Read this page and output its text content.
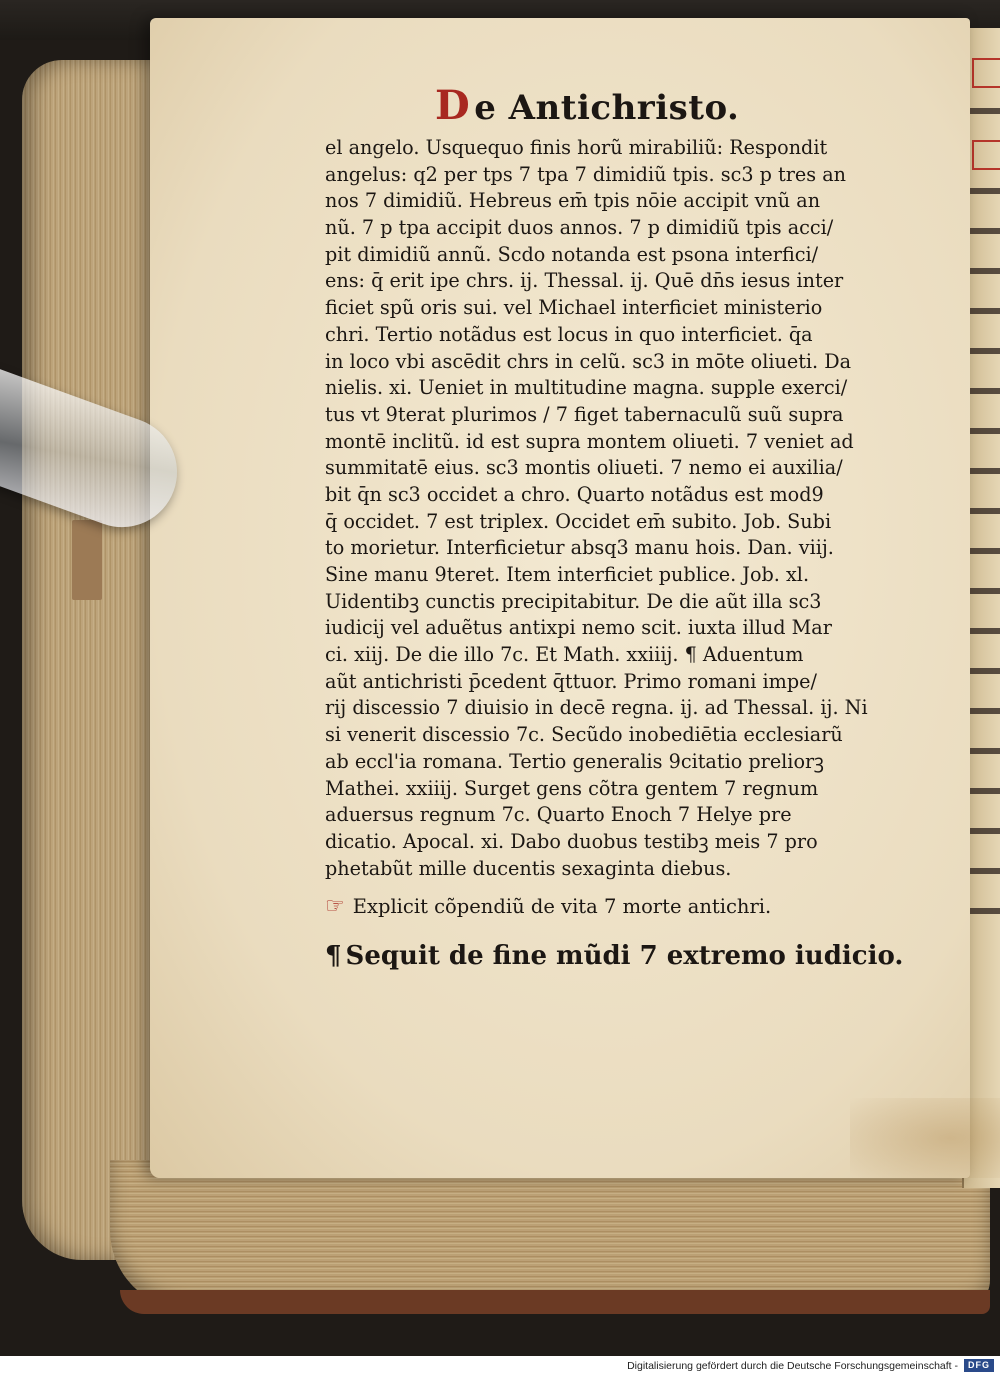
D e Antichristo.
el angelo. Usquequo finis horũ mirabiliũ: Respondit
angelus: q2 per tps 7 tpa 7 dimidiũ tpis. sc3 p tres an
nos 7 dimidiũ. Hebreus em̄ tpis nōie accipit vnũ an
nũ. 7 p tpa accipit duos annos. 7 p dimidiũ tpis acci/
pit dimidiũ annũ. Scdo notanda est psona interfici/
ens: q̄ erit ipe chrs. ij. Thessal. ij. Quē dn̄s iesus inter
ficiet spũ oris sui. vel Michael interficiet ministerio
chri. Tertio notãdus est locus in quo interficiet. q̄a
in loco vbi ascēdit chrs in celũ. sc3 in mōte oliueti. Da
nielis. xi. Ueniet in multitudine magna. supple exerci/
tus vt 9terat plurimos / 7 figet tabernaculũ suũ supra
montē inclitũ. id est supra montem oliueti. 7 veniet ad
summitatē eius. sc3 montis oliueti. 7 nemo ei auxilia/
bit q̄n sc3 occidet a chro. Quarto notãdus est mod9
q̄ occidet. 7 est triplex. Occidet em̄ subito. Job. Subi
to morietur. Interficietur absq3 manu hois. Dan. viij.
Sine manu 9teret. Item interficiet publice. Job. xl.
Uidentibꝫ cunctis precipitabitur. De die aũt illa sc3
iudicij vel aduẽtus antixpi nemo scit. iuxta illud Mar
ci. xiij. De die illo 7c. Et Math. xxiiij. ¶ Aduentum
aũt antichristi p̄cedent q̄ttuor. Primo romani impe/
rij discessio 7 diuisio in decē regna. ij. ad Thessal. ij. Ni
si venerit discessio 7c. Secũdo inobediētia ecclesiarũ
ab eccl'ia romana. Tertio generalis 9citatio preliorꝫ
Mathei. xxiiij. Surget gens cõtra gentem 7 regnum
aduersus regnum 7c. Quarto Enoch 7 Helye pre
dicatio. Apocal. xi. Dabo duobus testibꝫ meis 7 pro
phetabũt mille ducentis sexaginta diebus.
☞ Explicit cõpendiũ de vita 7 morte antichri.
¶ Sequit de fine mũdi 7 extremo iudicio.
Digitalisierung gefördert durch die Deutsche Forschungsgemeinschaft -	DFG
